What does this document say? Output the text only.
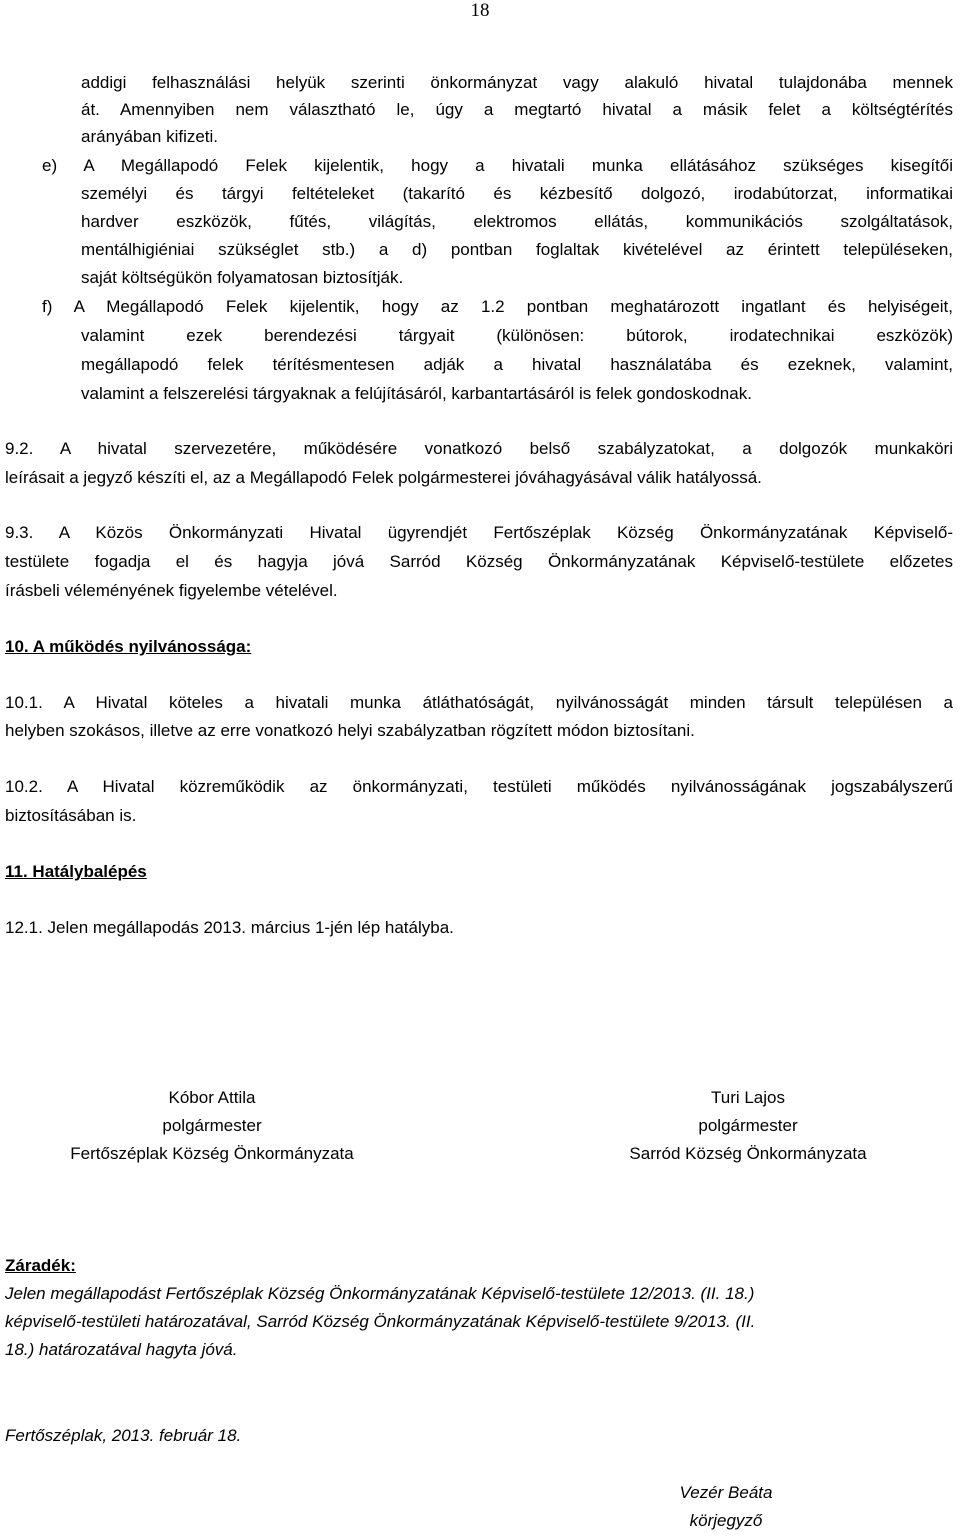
18
addigi felhasználási helyük szerinti önkormányzat vagy alakuló hivatal tulajdonába mennek
át. Amennyiben nem választható le, úgy a megtartó hivatal a másik felet a költségtérítés
arányában kifizeti.
e) A Megállapodó Felek kijelentik, hogy a hivatali munka ellátásához szükséges kisegítői
személyi és tárgyi feltételeket (takarító és kézbesítő dolgozó, irodabútorzat, informatikai
hardver eszközök, fűtés, világítás, elektromos ellátás, kommunikációs szolgáltatások,
mentálhigiéniai szükséglet stb.) a d) pontban foglaltak kivételével az érintett településeken,
saját költségükön folyamatosan biztosítják.
f) A Megállapodó Felek kijelentik, hogy az 1.2 pontban meghatározott ingatlant és helyiségeit,
valamint ezek berendezési tárgyait (különösen: bútorok, irodatechnikai eszközök)
megállapodó felek térítésmentesen adják a hivatal használatába és ezeknek, valamint,
valamint a felszerelési tárgyaknak a felújításáról, karbantartásáról is felek gondoskodnak.
9.2. A hivatal szervezetére, működésére vonatkozó belső szabályzatokat, a dolgozók munkaköri
leírásait a jegyző készíti el, az a Megállapodó Felek polgármesterei jóváhagyásával válik hatályossá.
9.3. A Közös Önkormányzati Hivatal ügyrendjét Fertőszéplak Község Önkormányzatának Képviselő-
testülete fogadja el és hagyja jóvá Sarród Község Önkormányzatának Képviselő-testülete előzetes
írásbeli véleményének figyelembe vételével.
10. A működés nyilvánossága:
10.1. A Hivatal köteles a hivatali munka átláthatóságát, nyilvánosságát minden társult településen a
helyben szokásos, illetve az erre vonatkozó helyi szabályzatban rögzített módon biztosítani.
10.2. A Hivatal közreműködik az önkormányzati, testületi működés nyilvánosságának jogszabályszerű
biztosításában is.
11. Hatálybalépés
12.1. Jelen megállapodás 2013. március 1-jén lép hatályba.
Kóbor Attila
polgármester
Fertőszéplak Község Önkormányzata
Turi Lajos
polgármester
Sarród Község Önkormányzata
Záradék:
Jelen megállapodást Fertőszéplak Község Önkormányzatának Képviselő-testülete 12/2013. (II. 18.)
képviselő-testületi határozatával, Sarród Község Önkormányzatának Képviselő-testülete 9/2013. (II.
18.) határozatával hagyta jóvá.
Fertőszéplak, 2013. február 18.
Vezér Beáta
körjegyző
